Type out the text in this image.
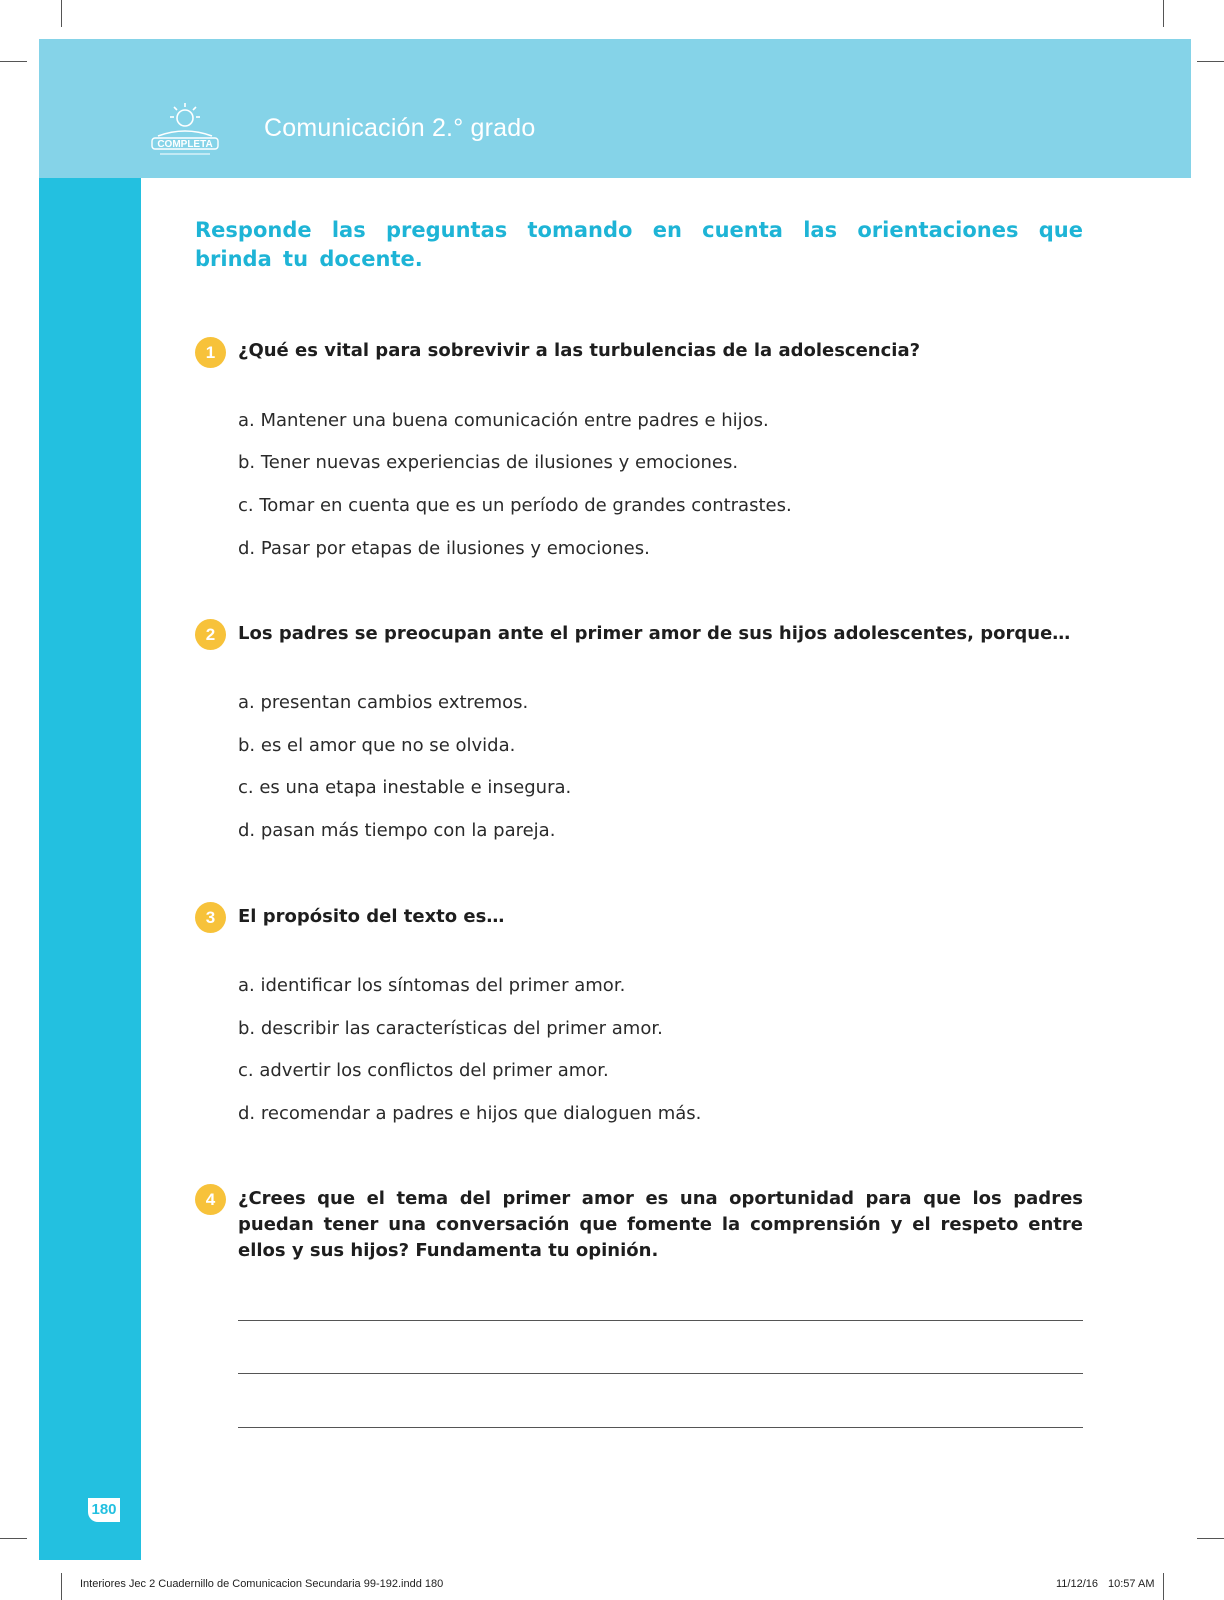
COMPLETA
Comunicación 2.° grado
Responde las preguntas tomando en cuenta las orientaciones que brinda tu docente.
1	¿Qué es vital para sobrevivir a las turbulencias de la adolescencia?
a. Mantener una buena comunicación entre padres e hijos.
b. Tener nuevas experiencias de ilusiones y emociones.
c. Tomar en cuenta que es un período de grandes contrastes.
d. Pasar por etapas de ilusiones y emociones.
2	Los padres se preocupan ante el primer amor de sus hijos adolescentes, porque…
a. presentan cambios extremos.
b. es el amor que no se olvida.
c. es una etapa inestable e insegura.
d. pasan más tiempo con la pareja.
3	El propósito del texto es…
a. identificar los síntomas del primer amor.
b. describir las características del primer amor.
c. advertir los conflictos del primer amor.
d. recomendar a padres e hijos que dialoguen más.
4	¿Crees que el tema del primer amor es una oportunidad para que los padres puedan tener una conversación que fomente la comprensión y el respeto entre ellos y sus hijos? Fundamenta tu opinión.
180
Interiores Jec 2 Cuadernillo de Comunicacion Secundaria 99-192.indd 180	11/12/16 10:57 AM
